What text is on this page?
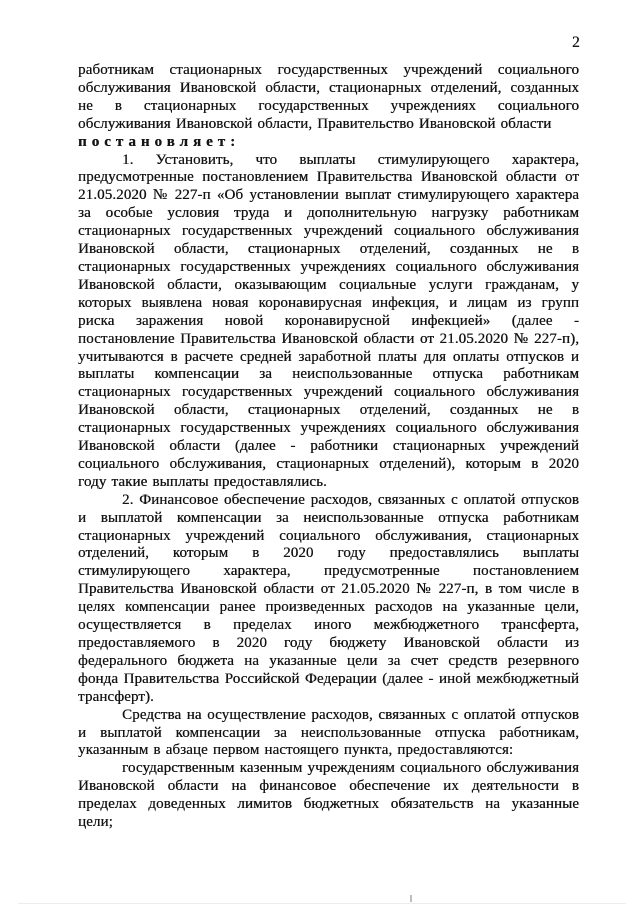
2

работникам стационарных государственных учреждений социального обслуживания Ивановской области, стационарных отделений, созданных не в стационарных государственных учреждениях социального обслуживания Ивановской области, Правительство Ивановской области

постановляет:

1. Установить, что выплаты стимулирующего характера, предусмотренные постановлением Правительства Ивановской области от 21.05.2020 № 227-п «Об установлении выплат стимулирующего характера за особые условия труда и дополнительную нагрузку работникам стационарных государственных учреждений социального обслуживания Ивановской области, стационарных отделений, созданных не в стационарных государственных учреждениях социального обслуживания Ивановской области, оказывающим социальные услуги гражданам, у которых выявлена новая коронавирусная инфекция, и лицам из групп риска заражения новой коронавирусной инфекцией» (далее - постановление Правительства Ивановской области от 21.05.2020 № 227-п), учитываются в расчете средней заработной платы для оплаты отпусков и выплаты компенсации за неиспользованные отпуска работникам стационарных государственных учреждений социального обслуживания Ивановской области, стационарных отделений, созданных не в стационарных государственных учреждениях социального обслуживания Ивановской области (далее - работники стационарных учреждений социального обслуживания, стационарных отделений), которым в 2020 году такие выплаты предоставлялись.

2. Финансовое обеспечение расходов, связанных с оплатой отпусков и выплатой компенсации за неиспользованные отпуска работникам стационарных учреждений социального обслуживания, стационарных отделений, которым в 2020 году предоставлялись выплаты стимулирующего характера, предусмотренные постановлением Правительства Ивановской области от 21.05.2020 № 227-п, в том числе в целях компенсации ранее произведенных расходов на указанные цели, осуществляется в пределах иного межбюджетного трансферта, предоставляемого в 2020 году бюджету Ивановской области из федерального бюджета на указанные цели за счет средств резервного фонда Правительства Российской Федерации (далее - иной межбюджетный трансферт).

Средства на осуществление расходов, связанных с оплатой отпусков и выплатой компенсации за неиспользованные отпуска работникам, указанным в абзаце первом настоящего пункта, предоставляются:

государственным казенным учреждениям социального обслуживания Ивановской области на финансовое обеспечение их деятельности в пределах доведенных лимитов бюджетных обязательств на указанные цели;
